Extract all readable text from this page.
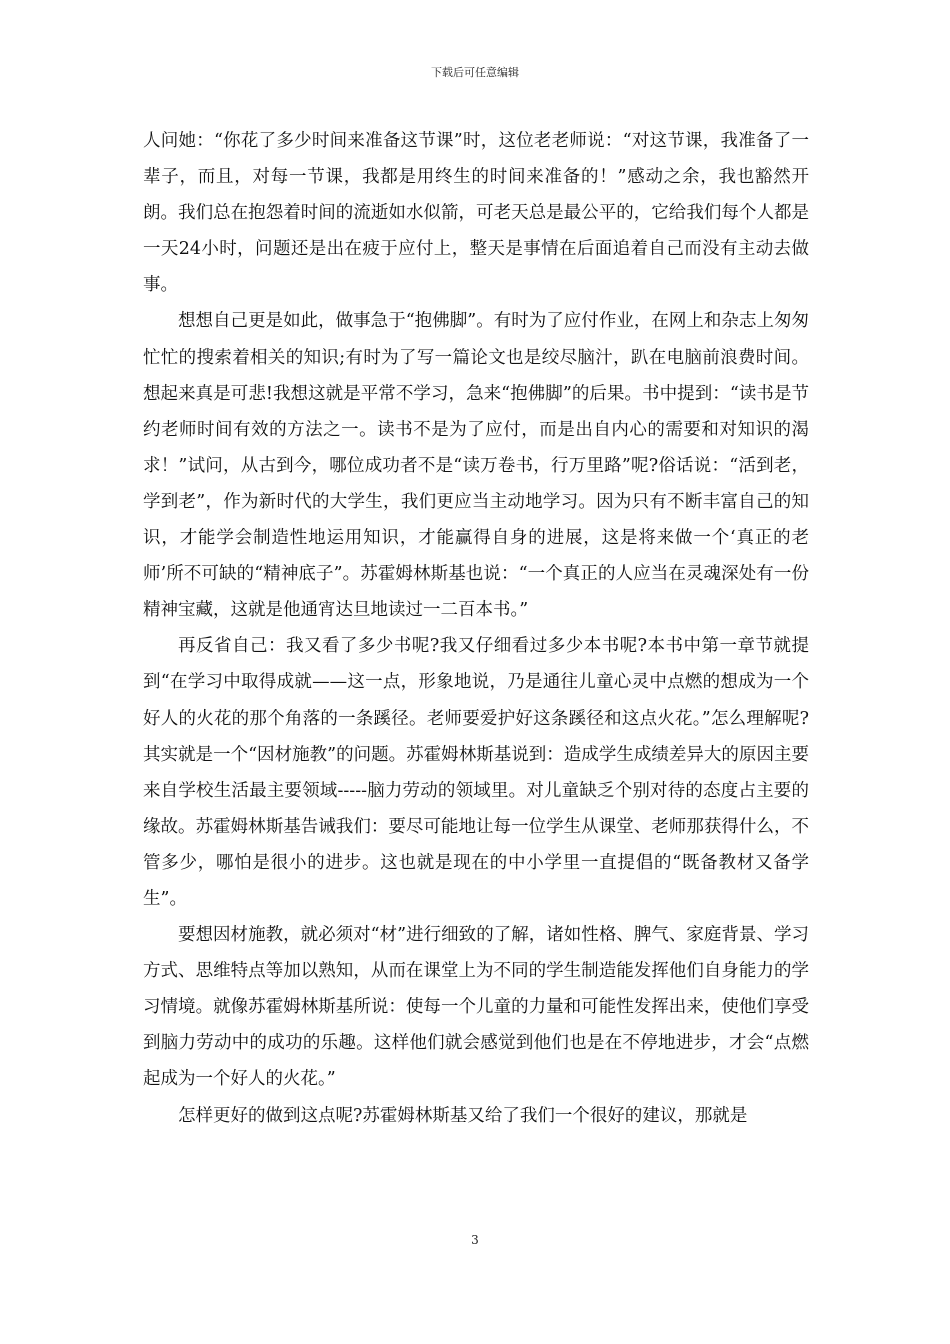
下载后可任意编辑

人问她：“你花了多少时间来准备这节课”时，这位老老师说：“对这节课，我准备了一辈子，而且，对每一节课，我都是用终生的时间来准备的！”感动之余，我也豁然开朗。我们总在抱怨着时间的流逝如水似箭，可老天总是最公平的，它给我们每个人都是一天24小时，问题还是出在疲于应付上，整天是事情在后面追着自己而没有主动去做事。

想想自己更是如此，做事急于“抱佛脚”。有时为了应付作业，在网上和杂志上匆匆忙忙的搜索着相关的知识;有时为了写一篇论文也是绞尽脑汁，趴在电脑前浪费时间。想起来真是可悲!我想这就是平常不学习，急来“抱佛脚”的后果。书中提到：“读书是节约老师时间有效的方法之一。读书不是为了应付，而是出自内心的需要和对知识的渴求！”试问，从古到今，哪位成功者不是“读万卷书，行万里路”呢?俗话说：“活到老，学到老”，作为新时代的大学生，我们更应当主动地学习。因为只有不断丰富自己的知识，才能学会制造性地运用知识，才能赢得自身的进展，这是将来做一个‘真正的老师’所不可缺的“精神底子”。苏霍姆林斯基也说：“一个真正的人应当在灵魂深处有一份精神宝藏，这就是他通宵达旦地读过一二百本书。”

再反省自己：我又看了多少书呢?我又仔细看过多少本书呢?本书中第一章节就提到“在学习中取得成就——这一点，形象地说，乃是通往儿童心灵中点燃的想成为一个好人的火花的那个角落的一条蹊径。老师要爱护好这条蹊径和这点火花。”怎么理解呢?其实就是一个“因材施教”的问题。苏霍姆林斯基说到：造成学生成绩差异大的原因主要来自学校生活最主要领域-----脑力劳动的领域里。对儿童缺乏个别对待的态度占主要的缘故。苏霍姆林斯基告诫我们：要尽可能地让每一位学生从课堂、老师那获得什么，不管多少，哪怕是很小的进步。这也就是现在的中小学里一直提倡的“既备教材又备学生”。

要想因材施教，就必须对“材”进行细致的了解，诸如性格、脾气、家庭背景、学习方式、思维特点等加以熟知，从而在课堂上为不同的学生制造能发挥他们自身能力的学习情境。就像苏霍姆林斯基所说：使每一个儿童的力量和可能性发挥出来，使他们享受到脑力劳动中的成功的乐趣。这样他们就会感觉到他们也是在不停地进步，才会“点燃起成为一个好人的火花。”

怎样更好的做到这点呢?苏霍姆林斯基又给了我们一个很好的建议，那就是

3
